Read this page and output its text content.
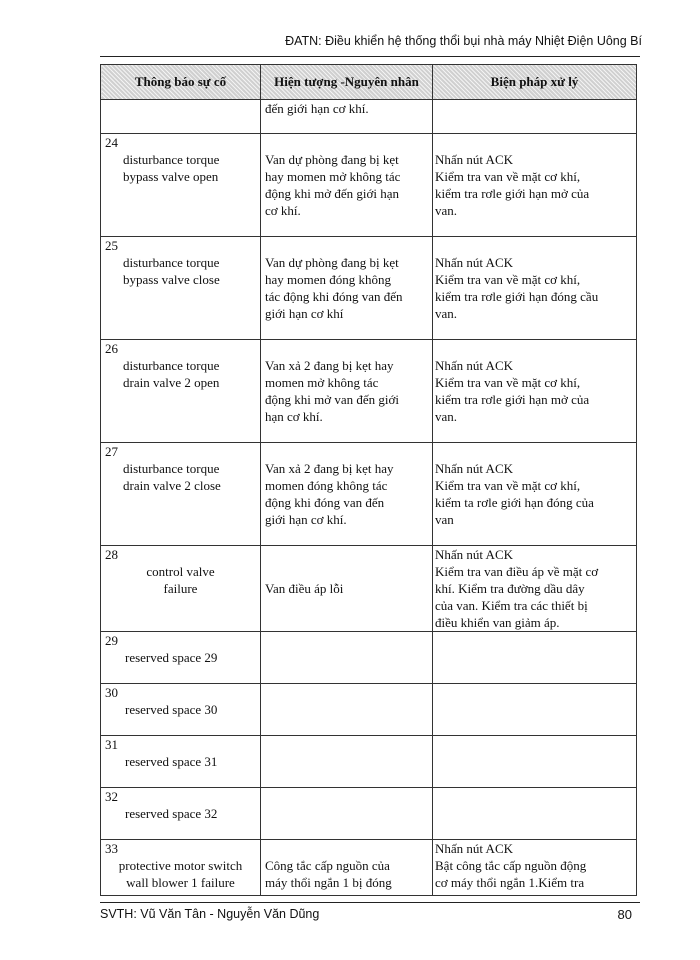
ĐATN: Điều khiển hệ thống thổi bụi nhà máy Nhiệt Điện Uông Bí
Thông báo sự cố	Hiện tượng -Nguyên nhân	Biện pháp xử lý

	đến giới hạn cơ khí.	

24
disturbance torque
bypass valve open	Van dự phòng đang bị kẹt
hay momen mở không tác
động khi mở đến giới hạn
cơ khí.	Nhấn nút ACK
Kiểm tra van về mặt cơ khí,
kiểm tra rơle giới hạn mở của
van.

25
disturbance torque
bypass valve close	Van dự phòng đang bị kẹt
hay momen đóng không
tác động khi đóng van đến
giới hạn cơ khí	Nhấn nút ACK
Kiểm tra van về mặt cơ khí,
kiểm tra rơle giới hạn đóng cầu
van.

26
disturbance torque
drain valve 2 open	Van xả 2 đang bị kẹt hay
momen mở không tác
động khi mở van đến giới
hạn cơ khí.	Nhấn nút ACK
Kiểm tra van về mặt cơ khí,
kiểm tra rơle giới hạn mở của
van.

27
disturbance torque
drain valve 2 close	Van xả 2 đang bị kẹt hay
momen đóng không tác
động khi đóng van đến
giới hạn cơ khí.	Nhấn nút ACK
Kiểm tra van về mặt cơ khí,
kiểm ta rơle giới hạn đóng của
van

28
control valve
failure	Van điều áp lỗi	Nhấn nút ACK
Kiểm tra van điều áp về mặt cơ
khí. Kiểm tra đường dầu dây
của van. Kiểm tra các thiết bị
điều khiển van giảm áp.

29
reserved space 29		

30
reserved space 30		

31
reserved space 31		

32
reserved space 32		

33
protective motor switch
wall blower 1 failure	Công tắc cấp nguồn của
máy thổi ngắn 1 bị đóng	Nhấn nút ACK
Bật công tắc cấp nguồn động
cơ máy thổi ngắn 1.Kiểm tra
SVTH: Vũ Văn Tân - Nguyễn Văn Dũng	80
